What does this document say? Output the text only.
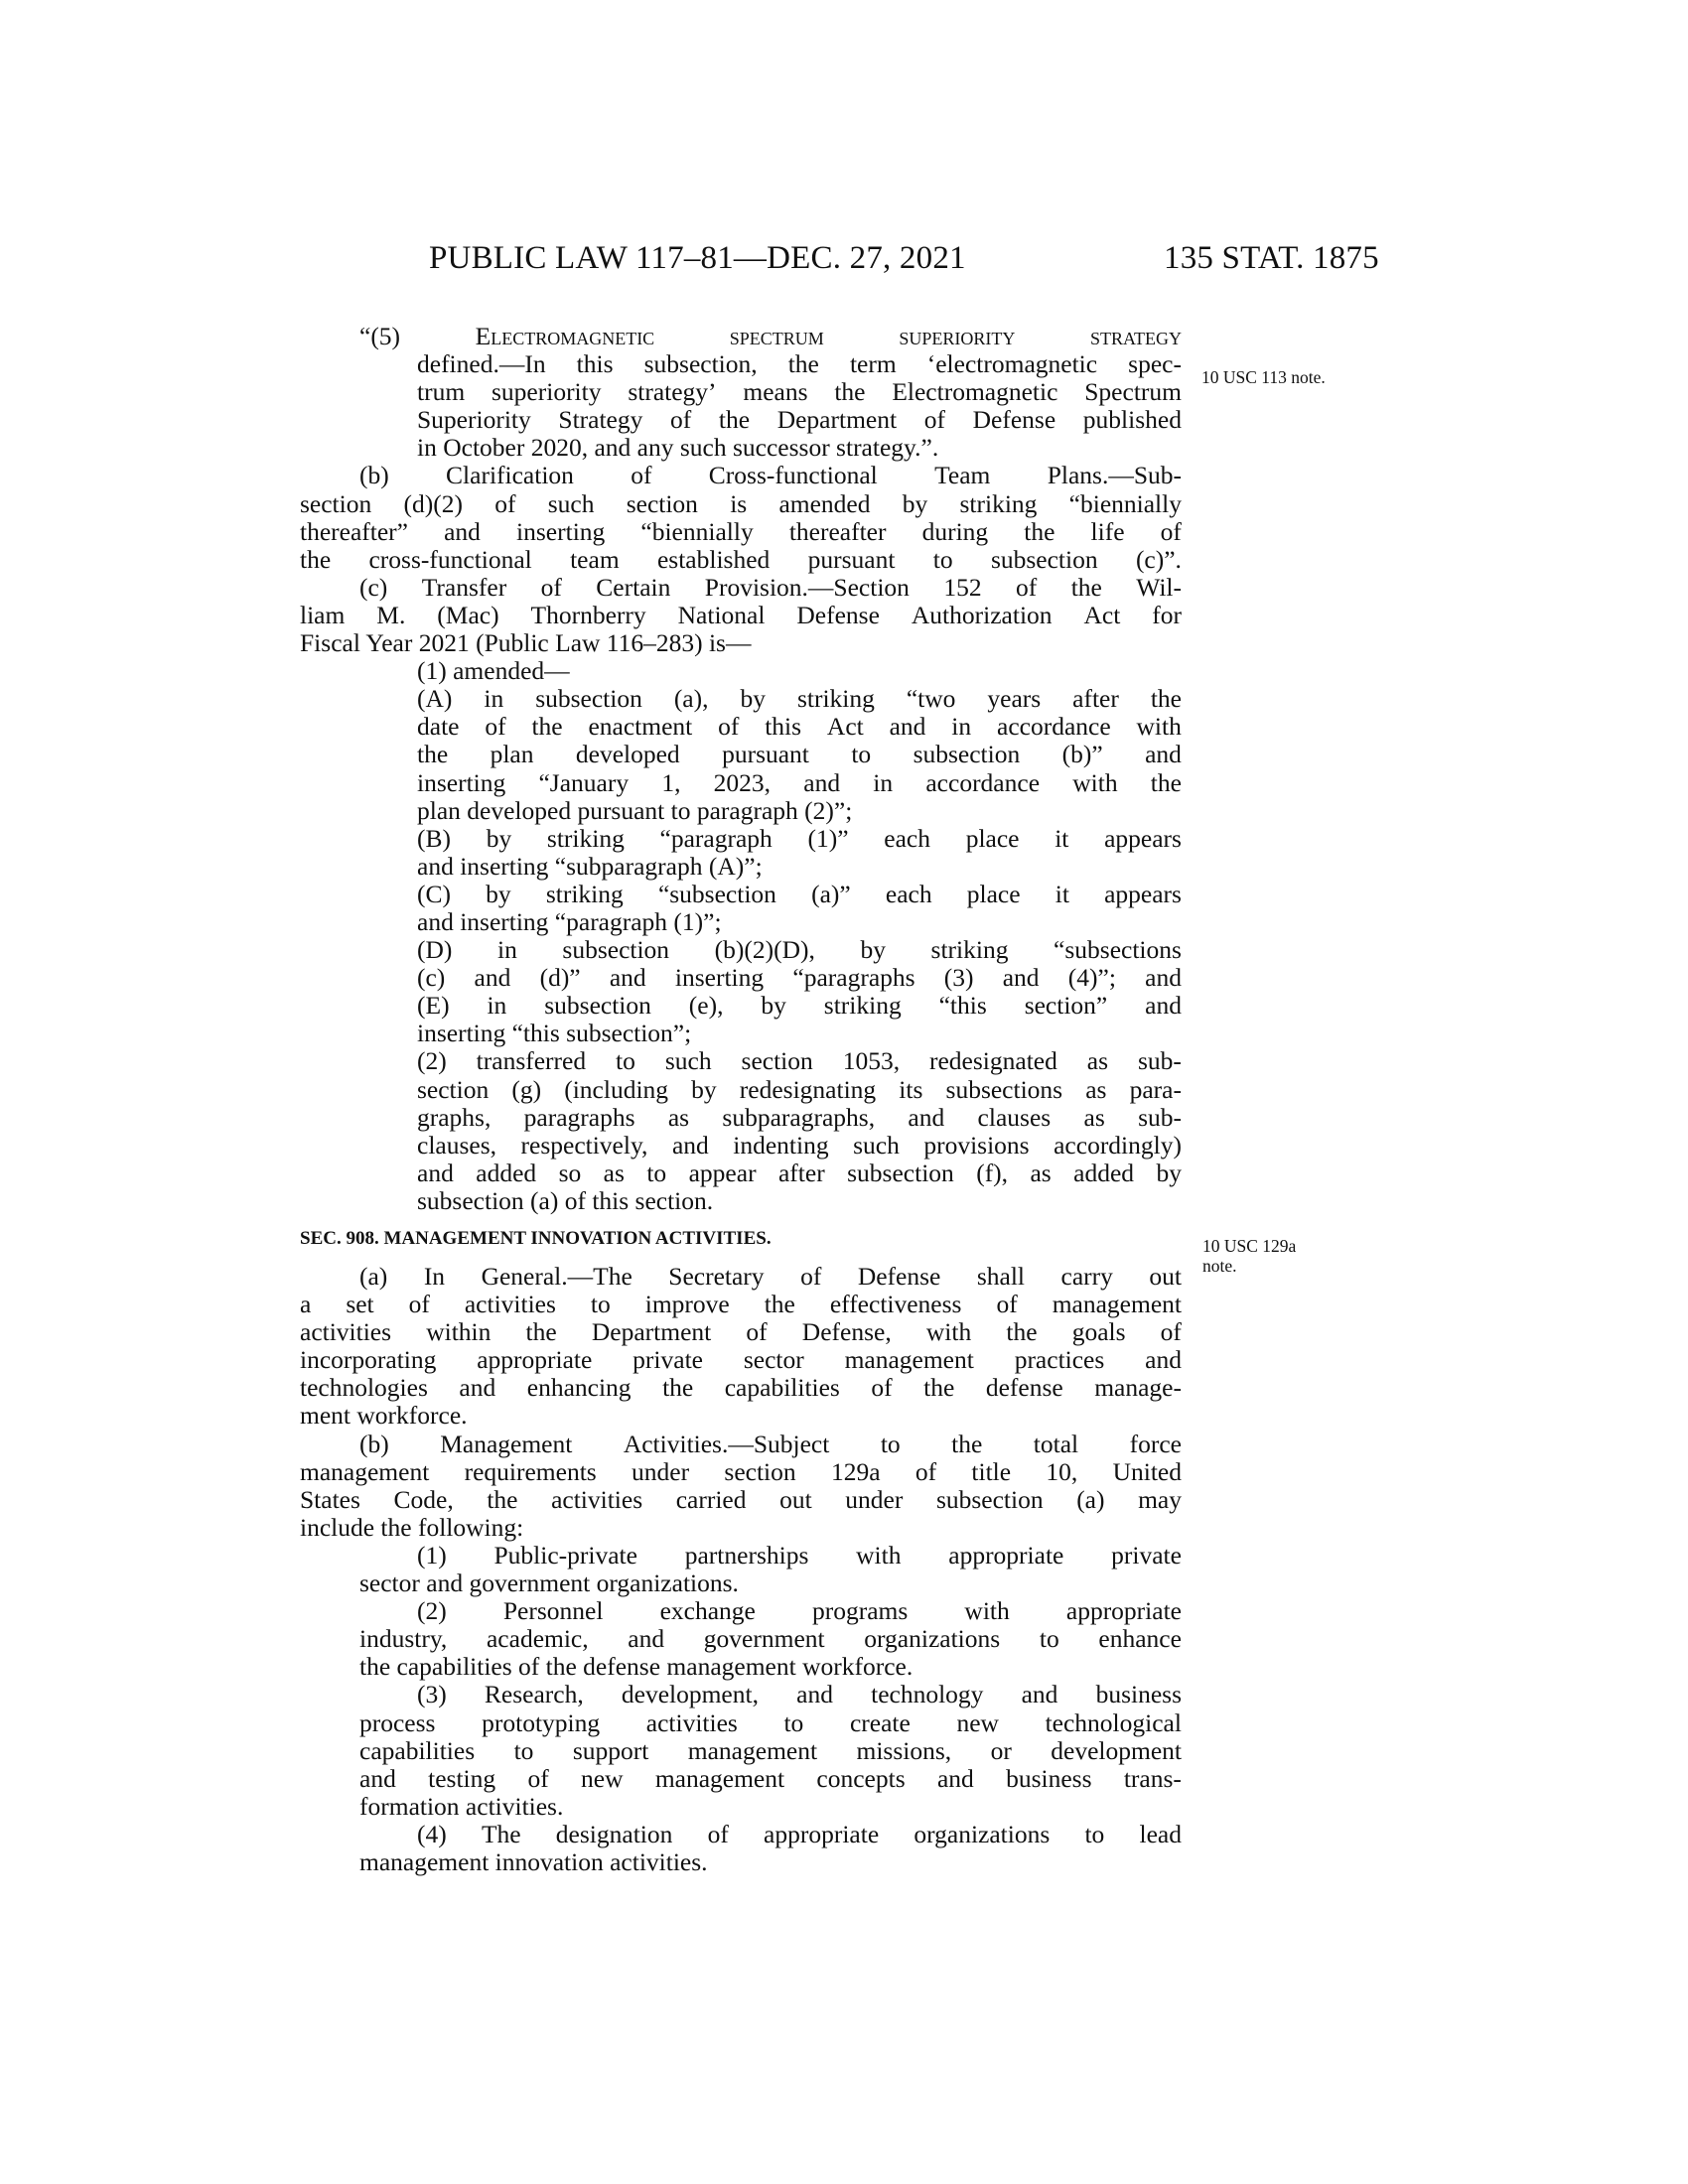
PUBLIC LAW 117–81—DEC. 27, 2021	135 STAT. 1875
10 USC 113 note.
10 USC 129a
note.
“(5)	Electromagnetic	spectrum	superiority	strategy
defined.—In this subsection, the term ‘electromagnetic spec-
trum superiority strategy’ means the Electromagnetic Spectrum
Superiority Strategy of the Department of Defense published
in October 2020, and any such successor strategy.”.
(b) Clarification of Cross-functional Team Plans.—Sub-
section (d)(2) of such section is amended by striking “biennially
thereafter” and inserting “biennially thereafter during the life of
the cross-functional team established pursuant to subsection (c)”.
(c) Transfer of Certain Provision.—Section 152 of the Wil-
liam M. (Mac) Thornberry National Defense Authorization Act for
Fiscal Year 2021 (Public Law 116–283) is—
(1) amended—
(A) in subsection (a), by striking “two years after the
date of the enactment of this Act and in accordance with
the plan developed pursuant to subsection (b)” and
inserting “January 1, 2023, and in accordance with the
plan developed pursuant to paragraph (2)”;
(B) by striking “paragraph (1)” each place it appears
and inserting “subparagraph (A)”;
(C) by striking “subsection (a)” each place it appears
and inserting “paragraph (1)”;
(D) in subsection (b)(2)(D), by striking “subsections
(c) and (d)” and inserting “paragraphs (3) and (4)”; and
(E) in subsection (e), by striking “this section” and
inserting “this subsection”;
(2) transferred to such section 1053, redesignated as sub-
section (g) (including by redesignating its subsections as para-
graphs, paragraphs as subparagraphs, and clauses as sub-
clauses, respectively, and indenting such provisions accordingly)
and added so as to appear after subsection (f), as added by
subsection (a) of this section.
SEC. 908. MANAGEMENT INNOVATION ACTIVITIES.
(a) In General.—The Secretary of Defense shall carry out
a set of activities to improve the effectiveness of management
activities within the Department of Defense, with the goals of
incorporating appropriate private sector management practices and
technologies and enhancing the capabilities of the defense manage-
ment workforce.
(b) Management Activities.—Subject to the total force
management requirements under section 129a of title 10, United
States Code, the activities carried out under subsection (a) may
include the following:
(1) Public-private partnerships with appropriate private
sector and government organizations.
(2) Personnel exchange programs with appropriate
industry, academic, and government organizations to enhance
the capabilities of the defense management workforce.
(3) Research, development, and technology and business
process prototyping activities to create new technological
capabilities to support management missions, or development
and testing of new management concepts and business trans-
formation activities.
(4) The designation of appropriate organizations to lead
management innovation activities.
